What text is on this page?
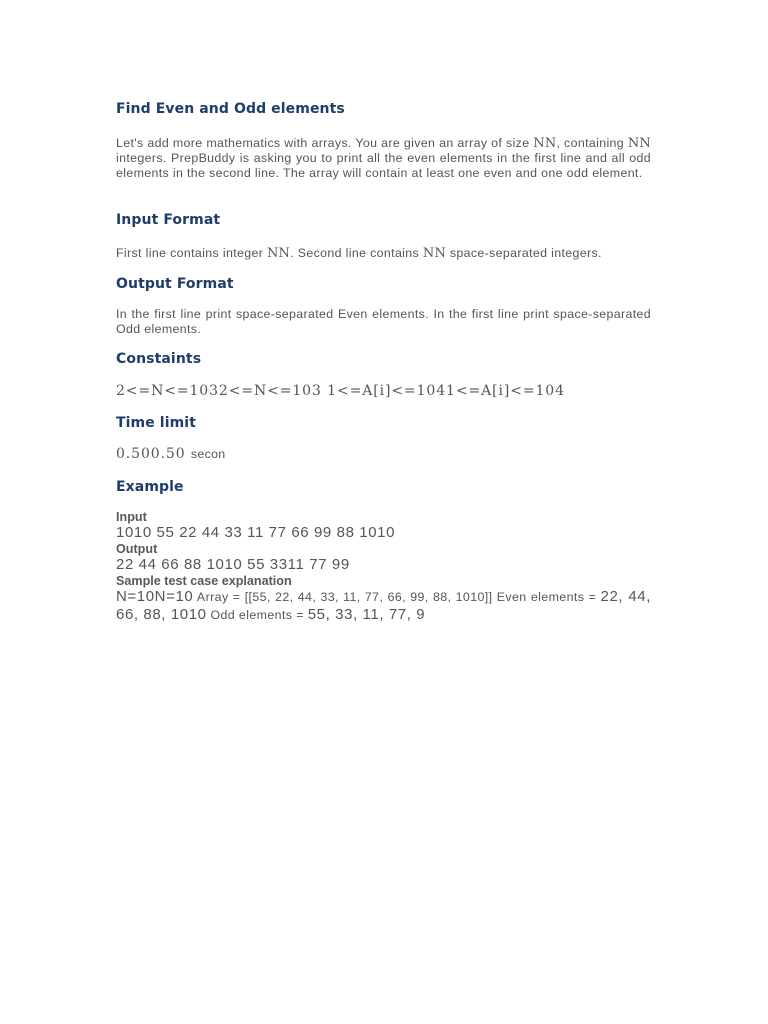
Find Even and Odd elements
Let's add more mathematics with arrays. You are given an array of size NN, containing NN integers. PrepBuddy is asking you to print all the even elements in the first line and all odd elements in the second line. The array will contain at least one even and one odd element.
Input Format
First line contains integer NN. Second line contains NN space-separated integers.
Output Format
In the first line print space-separated Even elements. In the first line print space-separated Odd elements.
Constaints
2<=N<=1032<=N<=103 1<=A[i]<=1041<=A[i]<=104
Time limit
0.500.50 secon
Example
Input
1010 55 22 44 33 11 77 66 99 88 1010
Output
22 44 66 88 1010 55 3311 77 99
Sample test case explanation
N=10N=10 Array = [[55, 22, 44, 33, 11, 77, 66, 99, 88, 1010]] Even elements = 22, 44, 66, 88, 1010 Odd elements = 55, 33, 11, 77, 9
